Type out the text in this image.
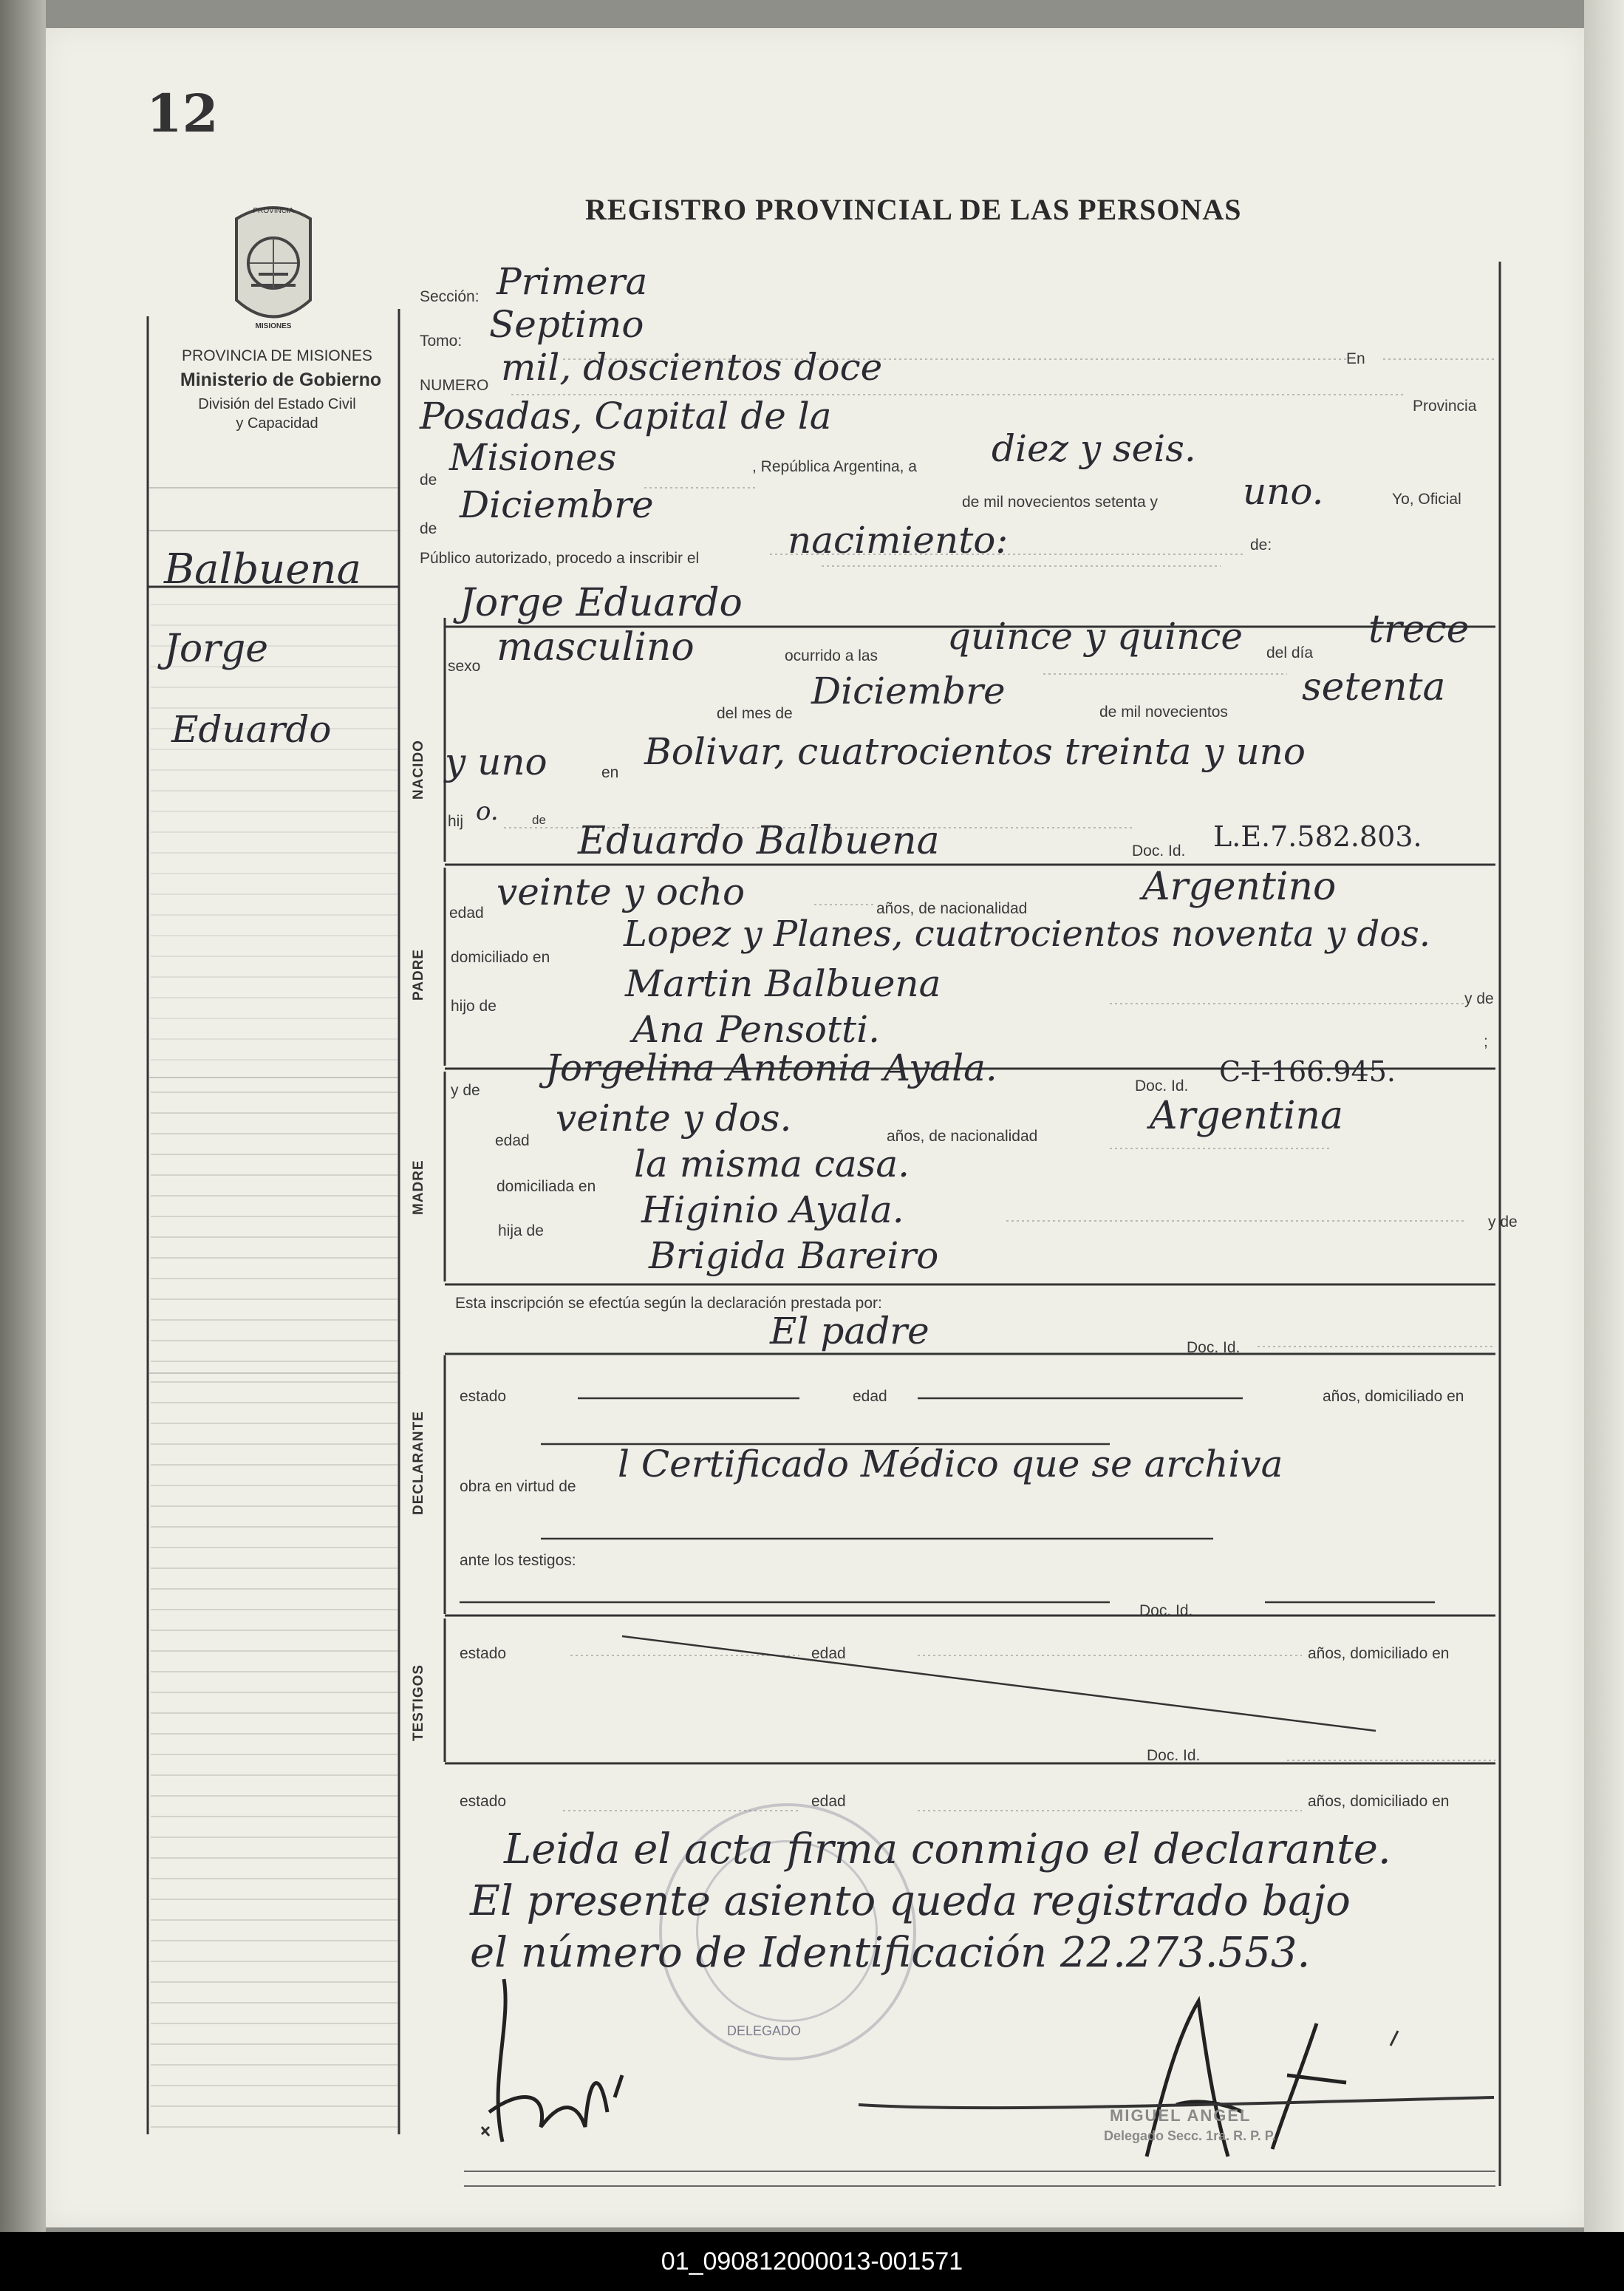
12
REGISTRO PROVINCIAL DE LAS PERSONAS
PROVINCIA
MISIONES
PROVINCIA DE MISIONES
Ministerio de Gobierno
División del Estado Civil
y Capacidad
DELEGADO
NACIDO
PADRE
MADRE
DECLARANTE
TESTIGOS
Balbuena
Jorge
Eduardo
Sección: Primera
Tomo: Septimo
NUMERO mil, doscientos doce	En
Posadas, Capital de la	Provincia
de
Misiones	, República Argentina, a diez y seis.
de
Diciembre	de mil novecientos setenta y uno.	Yo, Oficial
Público autorizado, procedo a inscribir el nacimiento:	de:
Jorge Eduardo
sexo masculino	ocurrido a las quince y quince del día
trece
del mes de
Diciembre	de mil novecientos
setenta
y uno	en Bolivar, cuatrocientos treinta y uno
hij o.	de Eduardo Balbuena	Doc. Id. L.E.7.582.803.
edad veinte y ocho	años, de nacionalidad	Argentino
domiciliado en
Lopez y Planes, cuatrocientos noventa y dos.
hijo de
Martin Balbuena	y de
Ana Pensotti.	;
y de
Jorgelina Antonia Ayala.	Doc. Id. C-I-166.945.
edad
veinte y dos.	años, de nacionalidad	Argentina
domiciliada en
la misma casa.
hija de	Higinio Ayala.	y de
Brigida Bareiro
Esta inscripción se efectúa según la declaración prestada por:
El padre	Doc. Id.
estado	edad	años, domiciliado en
obra en virtud de
l Certificado Médico que se archiva
ante los testigos:
Doc. Id.
estado	edad	años, domiciliado en
Doc. Id.
estado	edad	años, domiciliado en
Leida el acta firma conmigo el declarante.
El presente asiento queda registrado bajo
el número de Identificación 22.273.553.
MIGUEL ANGEL
Delegado Secc. 1ra. R. P. P.
01_090812000013-001571
